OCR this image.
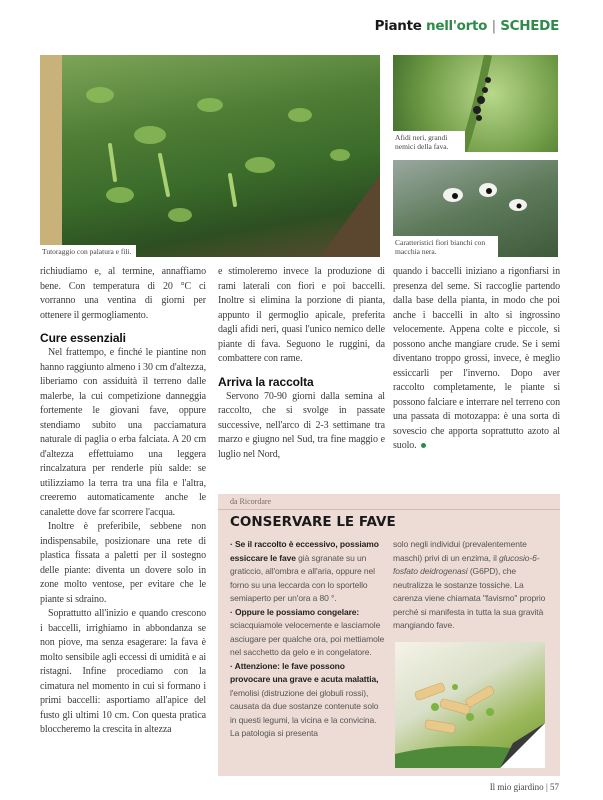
Piante nell'orto | SCHEDE
Tutoraggio con palatura e fili.
Afidi neri, grandi nemici della fava.
Caratteristici fiori bianchi con macchia nera.

richiudiamo e, al termine, annaffiamo bene. Con temperatura di 20 °C ci vorranno una ventina di giorni per ottenere il germogliamento.

Cure essenziali

Nel frattempo, e finché le piantine non hanno raggiunto almeno i 30 cm d'altezza, liberiamo con assiduità il terreno dalle malerbe, la cui competizione danneggia fortemente le giovani fave, oppure stendiamo subito una pacciamatura naturale di paglia o erba falciata. A 20 cm d'altezza effettuiamo una leggera rincalzatura per renderle più salde: se utilizziamo la terra tra una fila e l'altra, creeremo automaticamente anche le canalette dove far scorrere l'acqua.

Inoltre è preferibile, sebbene non indispensabile, posizionare una rete di plastica fissata a paletti per il sostegno delle piante: diventa un dovere solo in zone molto ventose, per evitare che le piante si sdraino.

Soprattutto all'inizio e quando crescono i baccelli, irrighiamo in abbondanza se non piove, ma senza esagerare: la fava è molto sensibile agli eccessi di umidità e ai ristagni. Infine procediamo con la cimatura nel momento in cui si formano i primi baccelli: asportiamo all'apice del fusto gli ultimi 10 cm. Con questa pratica bloccheremo la crescita in altezza

e stimoleremo invece la produzione di rami laterali con fiori e poi baccelli. Inoltre si elimina la porzione di pianta, appunto il germoglio apicale, preferita dagli afidi neri, quasi l'unico nemico delle piante di fava. Seguono le ruggini, da combattere con rame.

Arriva la raccolta

Servono 70-90 giorni dalla semina al raccolto, che si svolge in passate successive, nell'arco di 2-3 settimane tra marzo e giugno nel Sud, tra fine maggio e luglio nel Nord,

quando i baccelli iniziano a rigonfiarsi in presenza del seme. Si raccoglie partendo dalla base della pianta, in modo che poi anche i baccelli in alto si ingrossino velocemente. Appena colte e piccole, si possono anche mangiare crude. Se i semi diventano troppo grossi, invece, è meglio essiccarli per l'inverno. Dopo aver raccolto completamente, le piante si possono falciare e interrare nel terreno con una passata di motozappa: è una sorta di sovescio che apporta soprattutto azoto al suolo.

da Ricordare
CONSERVARE LE FAVE
· Se il raccolto è eccessivo, possiamo essiccare le fave già sgranate su un graticcio, all'ombra e all'aria, oppure nel forno su una leccarda con lo sportello semiaperto per un'ora a 80 °.
· Oppure le possiamo congelare: sciacquiamole velocemente e lasciamole asciugare per qualche ora, poi mettiamole nel sacchetto da gelo e in congelatore.
· Attenzione: le fave possono provocare una grave e acuta malattia, l'emolisi (distruzione dei globuli rossi), causata da due sostanze contenute solo in questi legumi, la vicina e la convicina. La patologia si presenta
solo negli individui (prevalentemente maschi) privi di un enzima, il glucosio-6-fosfato deidrogenasi (G6PD), che neutralizza le sostanze tossiche. La carenza viene chiamata "favismo" proprio perché si manifesta in tutta la sua gravità mangiando fave.
Il mio giardino | 57
